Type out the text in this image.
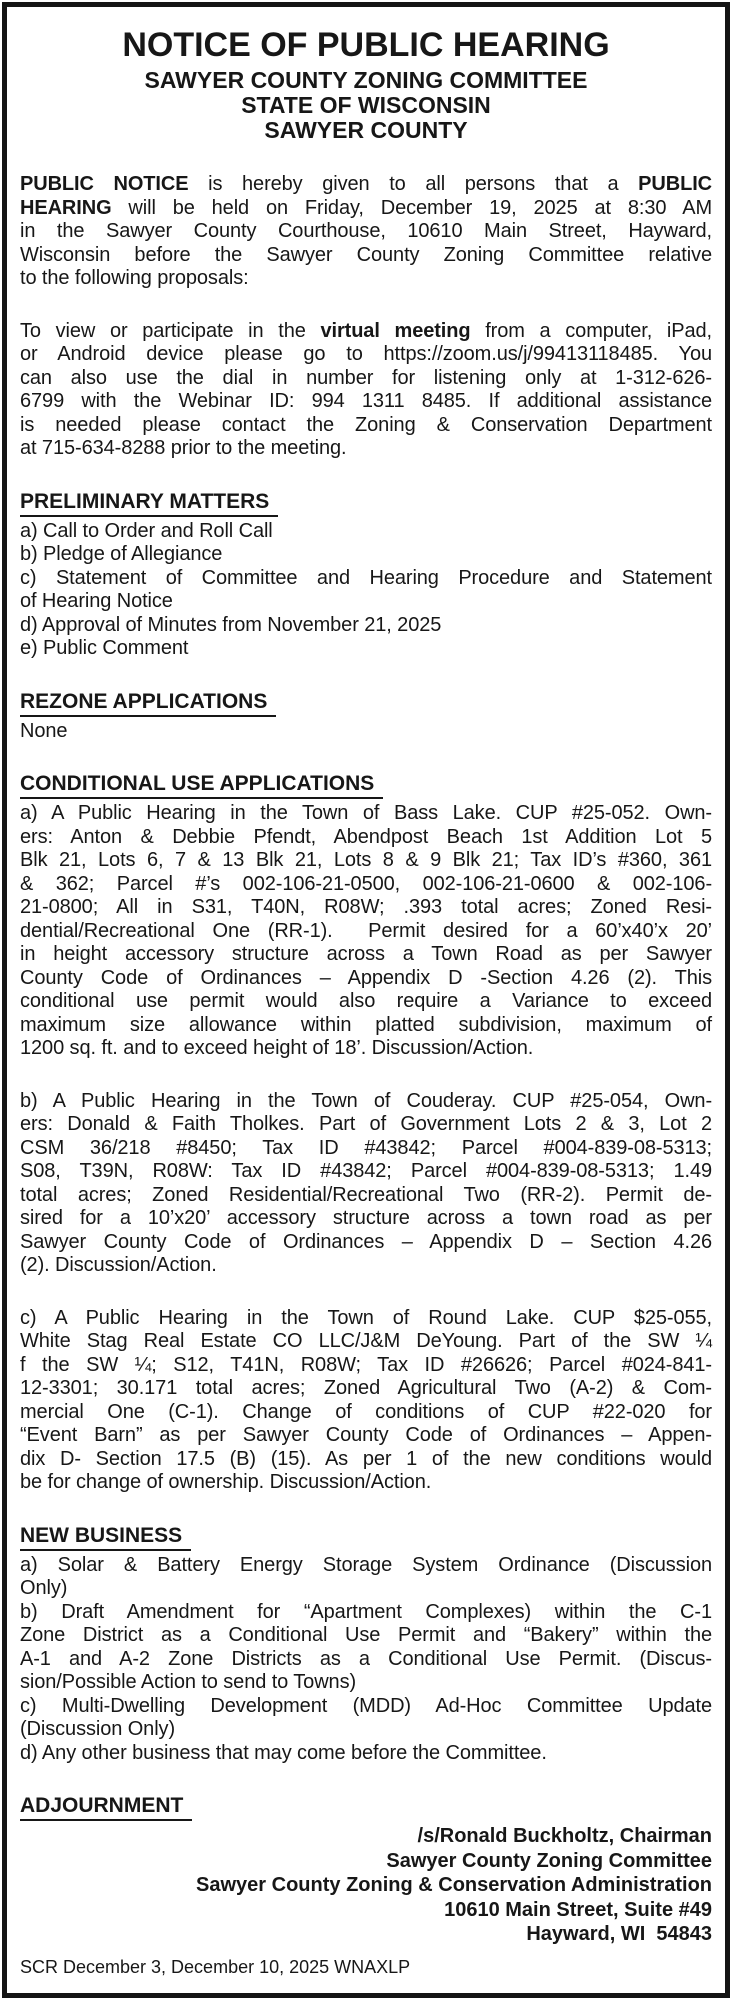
NOTICE OF PUBLIC HEARING
SAWYER COUNTY ZONING COMMITTEE
STATE OF WISCONSIN
SAWYER COUNTY
PUBLIC NOTICE is hereby given to all persons that a PUBLIC
HEARING will be held on Friday, December 19, 2025 at 8:30 AM
in the Sawyer County Courthouse, 10610 Main Street, Hayward,
Wisconsin before the Sawyer County Zoning Committee relative
to the following proposals:
To view or participate in the virtual meeting from a computer, iPad,
or Android device please go to https://zoom.us/j/99413118485. You
can also use the dial in number for listening only at 1-312-626-
6799 with the Webinar ID: 994 1311 8485. If additional assistance
is needed please contact the Zoning & Conservation Department
at 715-634-8288 prior to the meeting.
PRELIMINARY MATTERS
a) Call to Order and Roll Call
b) Pledge of Allegiance
c) Statement of Committee and Hearing Procedure and Statement
of Hearing Notice
d) Approval of Minutes from November 21, 2025
e) Public Comment
REZONE APPLICATIONS
None
CONDITIONAL USE APPLICATIONS
a) A Public Hearing in the Town of Bass Lake. CUP #25-052. Own-
ers: Anton & Debbie Pfendt, Abendpost Beach 1st Addition Lot 5
Blk 21, Lots 6, 7 & 13 Blk 21, Lots 8 & 9 Blk 21; Tax ID’s #360, 361
& 362; Parcel #’s 002-106-21-0500, 002-106-21-0600 & 002-106-
21-0800; All in S31, T40N, R08W; .393 total acres; Zoned Resi-
dential/Recreational One (RR-1).  Permit desired for a 60’x40’x 20’
in height accessory structure across a Town Road as per Sawyer
County Code of Ordinances – Appendix D -Section 4.26 (2). This
conditional use permit would also require a Variance to exceed
maximum size allowance within platted subdivision, maximum of
1200 sq. ft. and to exceed height of 18’. Discussion/Action.
b) A Public Hearing in the Town of Couderay. CUP #25-054, Own-
ers: Donald & Faith Tholkes. Part of Government Lots 2 & 3, Lot 2
CSM 36/218 #8450; Tax ID #43842; Parcel #004-839-08-5313;
S08, T39N, R08W: Tax ID #43842; Parcel #004-839-08-5313; 1.49
total acres; Zoned Residential/Recreational Two (RR-2). Permit de-
sired for a 10’x20’ accessory structure across a town road as per
Sawyer County Code of Ordinances – Appendix D – Section 4.26
(2). Discussion/Action.
c) A Public Hearing in the Town of Round Lake. CUP $25-055,
White Stag Real Estate CO LLC/J&M DeYoung. Part of the SW ¼
f the SW ¼; S12, T41N, R08W; Tax ID #26626; Parcel #024-841-
12-3301; 30.171 total acres; Zoned Agricultural Two (A-2) & Com-
mercial One (C-1). Change of conditions of CUP #22-020 for
“Event Barn” as per Sawyer County Code of Ordinances – Appen-
dix D- Section 17.5 (B) (15). As per 1 of the new conditions would
be for change of ownership. Discussion/Action.
NEW BUSINESS
a) Solar & Battery Energy Storage System Ordinance (Discussion
Only)
b) Draft Amendment for “Apartment Complexes) within the C-1
Zone District as a Conditional Use Permit and “Bakery” within the
A-1 and A-2 Zone Districts as a Conditional Use Permit. (Discus-
sion/Possible Action to send to Towns)
c) Multi-Dwelling Development (MDD) Ad-Hoc Committee Update
(Discussion Only)
d) Any other business that may come before the Committee.
ADJOURNMENT
/s/Ronald Buckholtz, Chairman
Sawyer County Zoning Committee
Sawyer County Zoning & Conservation Administration
10610 Main Street, Suite #49
Hayward, WI  54843
SCR December 3, December 10, 2025 WNAXLP
